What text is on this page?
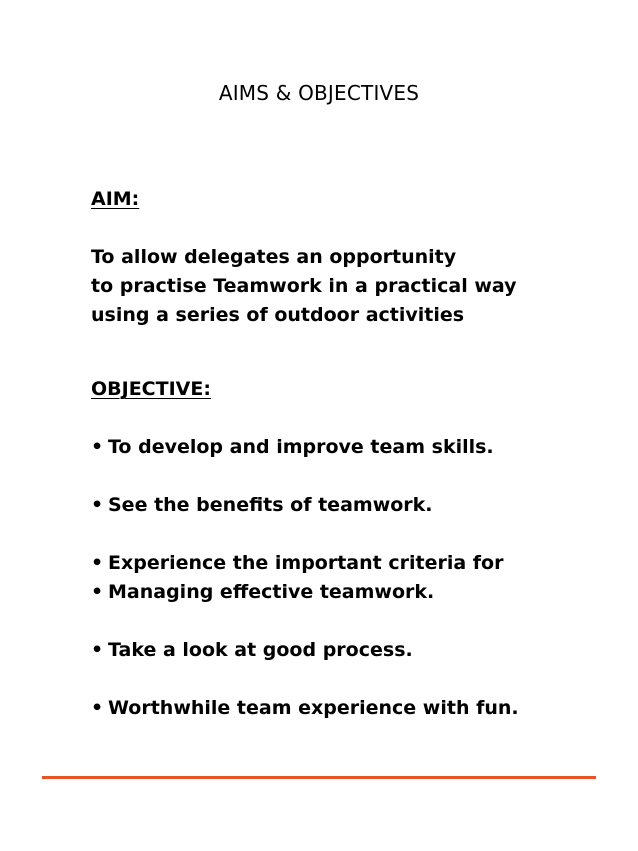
AIMS & OBJECTIVES

AIM:

To allow delegates an opportunity

to practise Teamwork in a practical way

using a series of outdoor activities

OBJECTIVE:

• To develop and improve team skills.

• See the benefits of teamwork.

• Experience the important criteria for

• Managing effective teamwork.

• Take a look at good process.

• Worthwhile team experience with fun.
